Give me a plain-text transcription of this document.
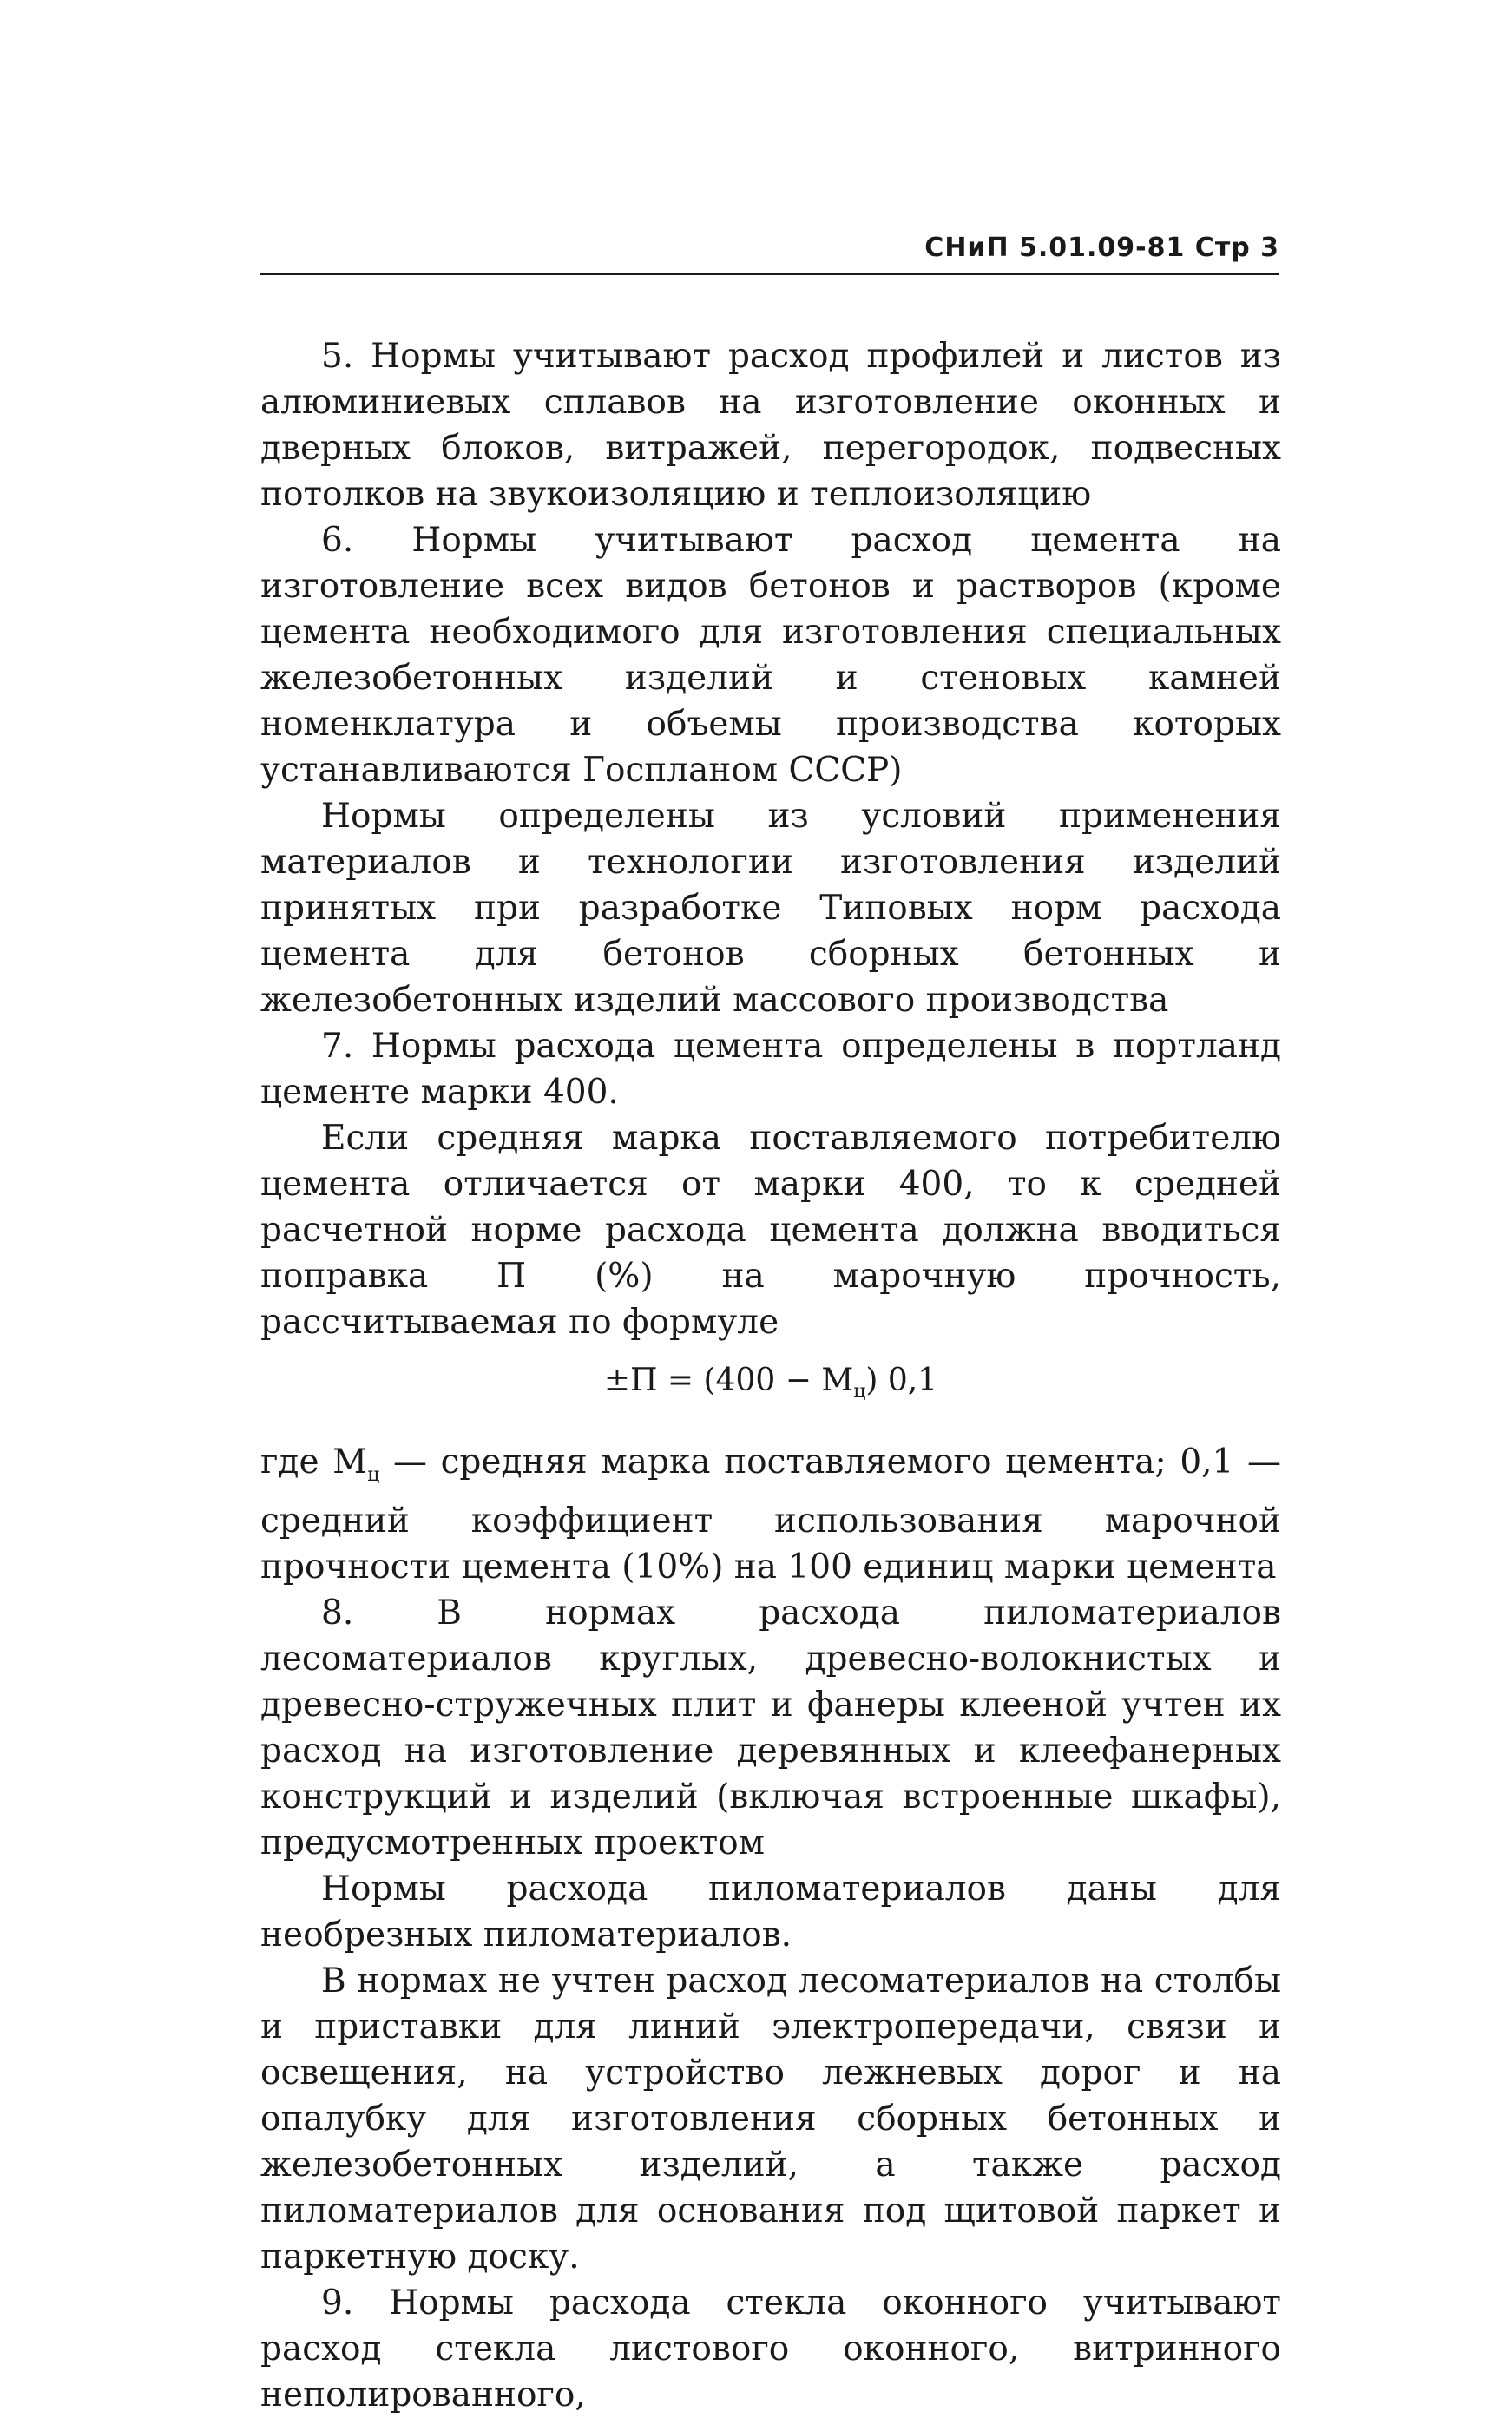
СНиП 5.01.09-81 Стр 3

5. Нормы учитывают расход профилей и листов из алюминиевых сплавов на изготовление оконных и дверных блоков, витражей, перегородок, подвесных потолков на звукоизоляцию и теплоизоляцию

6. Нормы учитывают расход цемента на изготовление всех видов бетонов и растворов (кроме цемента необходимого для изготовления специальных железобетонных изделий и стеновых камней номенклатура и объемы производства которых устанавливаются Госпланом СССР)

Нормы определены из условий применения материалов и технологии изготовления изделий принятых при разработке Типовых норм расхода цемента для бетонов сборных бетонных и железобетонных изделий массового производства

7. Нормы расхода цемента определены в портланд цементе марки 400.

Если средняя марка поставляемого потребителю цемента отличается от марки 400, то к средней расчетной норме расхода цемента должна вводиться поправка П (%) на марочную прочность, рассчитываемая по формуле

$\pm П = (400 - М_ц)$ 0,1

где $М_ц$ — средняя марка поставляемого цемента; 0,1 — средний коэффициент использования марочной прочности цемента (10%) на 100 единиц марки цемента

8. В нормах расхода пиломатериалов лесоматериалов круглых, древесно-волокнистых и древесно-стружечных плит и фанеры клееной учтен их расход на изготовление деревянных и клеефанерных конструкций и изделий (включая встроенные шкафы), предусмотренных проектом

Нормы расхода пиломатериалов даны для необрезных пиломатериалов.

В нормах не учтен расход лесоматериалов на столбы и приставки для линий электропередачи, связи и освещения, на устройство лежневых дорог и на опалубку для изготовления сборных бетонных и железобетонных изделий, а также расход пиломатериалов для основания под щитовой паркет и паркетную доску.

9. Нормы расхода стекла оконного учитывают расход стекла листового оконного, витринного неполированного,
